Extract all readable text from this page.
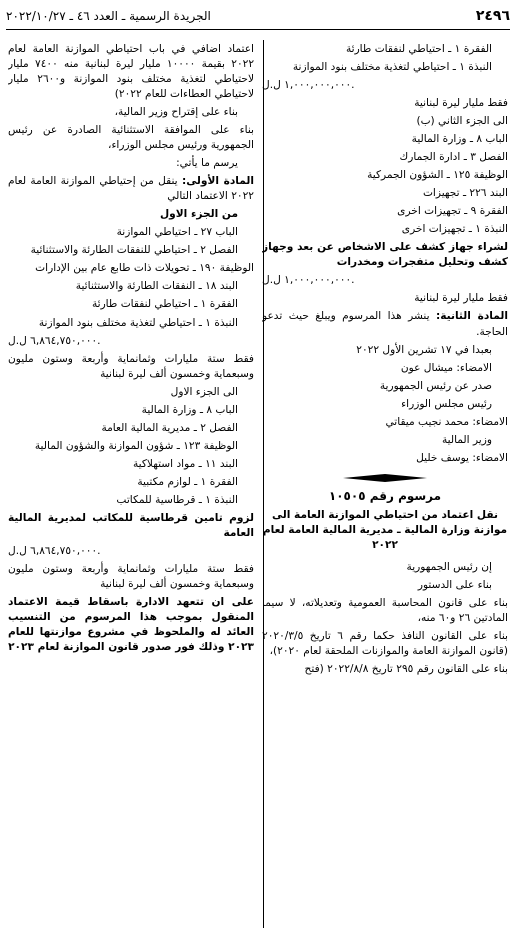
٢٤٩٦
الجريدة الرسمية ـ العدد ٤٦ ـ ٢٠٢٢/١٠/٢٧

الفقرة ١ ـ احتياطي لنفقات طارئة

النبذة ١ ـ احتياطي لتغذية مختلف بنود الموازنة

١,٠٠٠,٠٠٠,٠٠٠ ل.ل.

فقط مليار ليرة لبنانية

الى الجزء الثاني (ب)

الباب ٨ ـ وزارة المالية

الفصل ٣ ـ ادارة الجمارك

الوظيفة ١٢٥ ـ الشؤون الجمركية

البند ٢٢٦ ـ تجهيزات

الفقرة ٩ ـ تجهيزات اخرى

النبذة ١ ـ تجهيزات اخرى

لشراء جهاز كشف على الاشخاص عن بعد وجهاز كشف وتحليل متفجرات ومخدرات

١,٠٠٠,٠٠٠,٠٠٠ ل.ل.

فقط مليار ليرة لبنانية

المادة الثانية: ينشر هذا المرسوم ويبلغ حيث تدعو الحاجة.

بعبدا في ١٧ تشرين الأول ٢٠٢٢

الامضاء: ميشال عون

صدر عن رئيس الجمهورية

رئيس مجلس الوزراء

الامضاء: محمد نجيب ميقاتي

وزير المالية

الامضاء: يوسف خليل

مرسوم رقم ١٠٥٠٥

نقل اعتماد من احتياطي الموازنة العامة الى موازنة وزارة المالية ـ مديرية المالية العامة لعام ٢٠٢٢

إن رئيس الجمهورية

بناء على الدستور

بناء على قانون المحاسبة العمومية وتعديلاته، لا سيما المادتين ٢٦ و٦٠ منه،

بناء على القانون النافذ حكما رقم ٦ تاريخ ٢٠٢٠/٣/٥ (قانون الموازنة العامة والموازنات الملحقة لعام ٢٠٢٠)،

بناء على القانون رقم ٢٩٥ تاريخ ٢٠٢٢/٨/٨ (فتح

اعتماد اضافي في باب احتياطي الموازنة العامة لعام ٢٠٢٢ بقيمة ١٠٠٠٠ مليار ليرة لبنانية منه ٧٤٠٠ مليار لاحتياطي لتغذية مختلف بنود الموازنة و٢٦٠٠ مليار لاحتياطي العطاءات للعام ٢٠٢٢)

بناء على إقتراح وزير المالية،

بناء على الموافقة الاستثنائية الصادرة عن رئيس الجمهورية ورئيس مجلس الوزراء،

يرسم ما يأتي:

المادة الأولى: ينقل من إحتياطي الموازنة العامة لعام ٢٠٢٢ الاعتماد التالي

من الجزء الاول

الباب ٢٧ ـ احتياطي الموازنة

الفصل ٢ ـ احتياطي للنفقات الطارئة والاستثنائية

الوظيفة ١٩٠ ـ تحويلات ذات طابع عام بين الإدارات

البند ١٨ ـ النفقات الطارئة والاستثنائية

الفقرة ١ ـ احتياطي لنفقات طارئة

النبذة ١ ـ احتياطي لتغذية مختلف بنود الموازنة

٦,٨٦٤,٧٥٠,٠٠٠ ل.ل.

فقط ستة مليارات وثمانماية وأربعة وستون مليون وسبعماية وخمسون ألف ليرة لبنانية

الى الجزء الاول

الباب ٨ ـ وزارة المالية

الفصل ٢ ـ مديرية المالية العامة

الوظيفة ١٢٣ ـ شؤون الموازنة والشؤون المالية

البند ١١ ـ مواد استهلاكية

الفقرة ١ ـ لوازم مكتبية

النبذة ١ ـ قرطاسية للمكاتب

لزوم تامين قرطاسية للمكاتب لمديرية المالية العامة

٦,٨٦٤,٧٥٠,٠٠٠ ل.ل.

فقط ستة مليارات وثمانماية وأربعة وستون مليون وسبعماية وخمسون ألف ليرة لبنانية

على ان تتعهد الادارة باسقاط قيمة الاعتماد المنقول بموجب هذا المرسوم من التنسيب العائد له والملحوظ في مشروع موازنتها للعام ٢٠٢٣ وذلك فور صدور قانون الموازنة لعام ٢٠٢٣
